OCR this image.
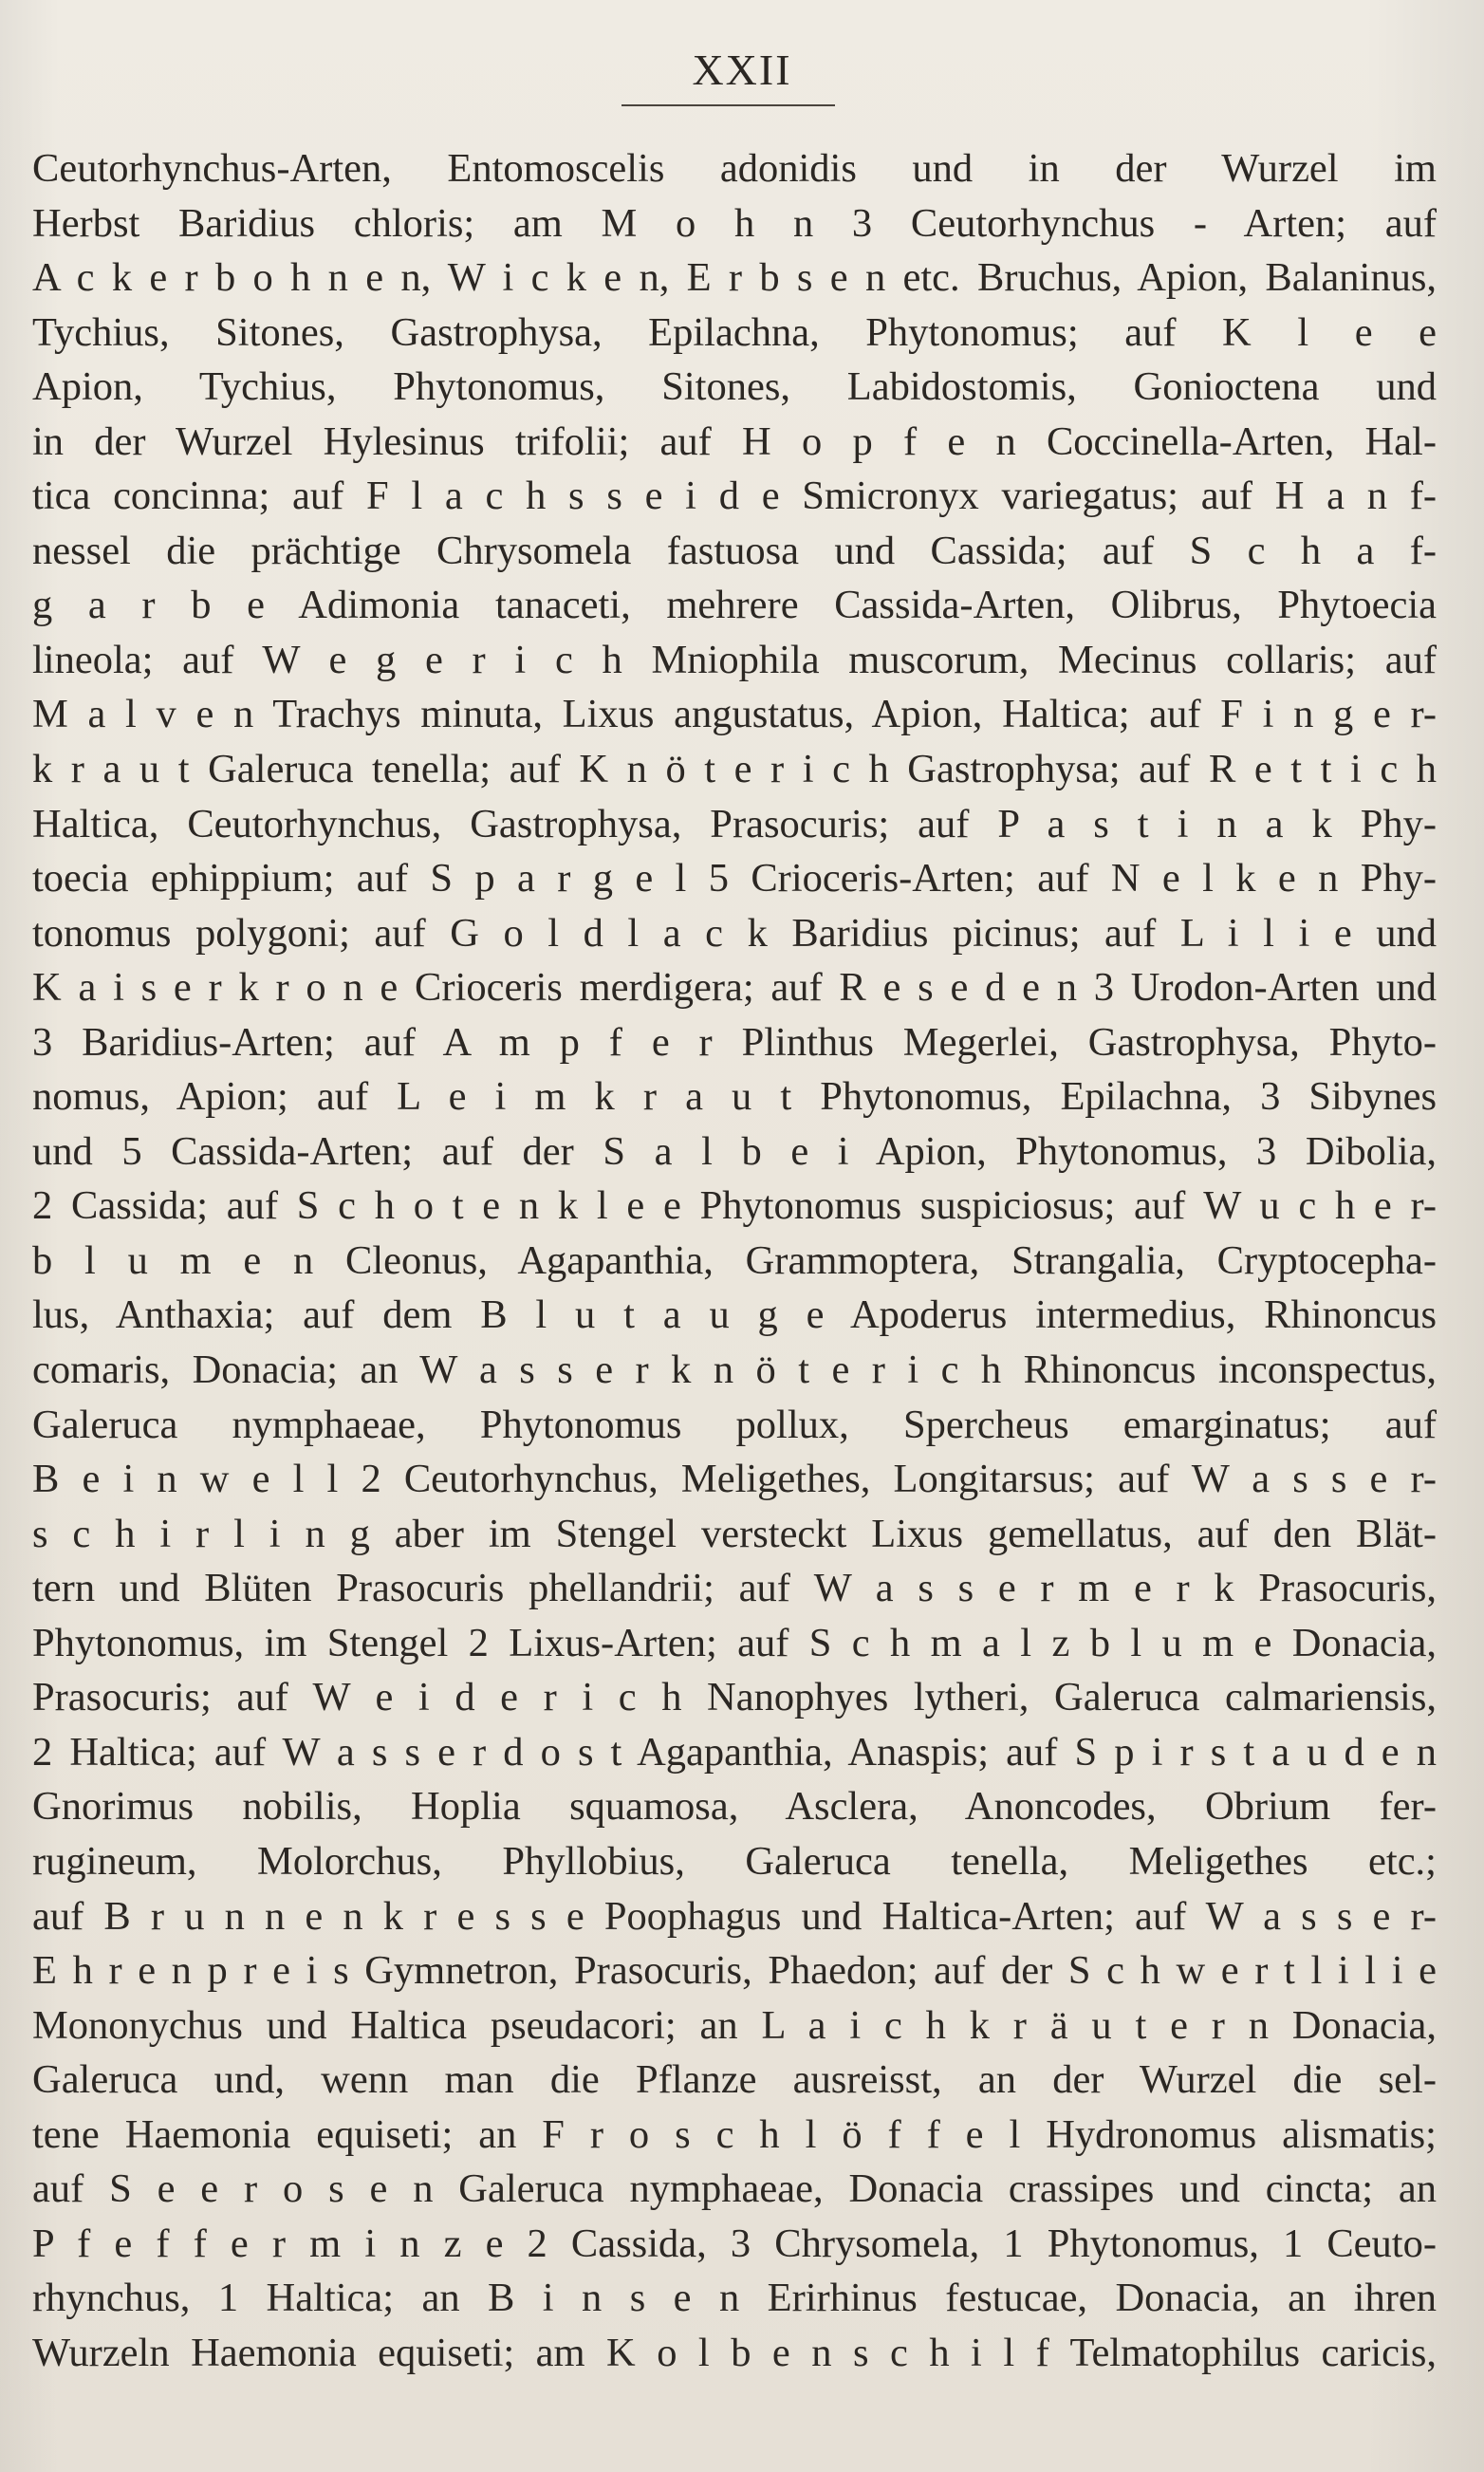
XXII
Ceutorhynchus-Arten, Entomoscelis adonidis und in der Wurzel im
Herbst Baridius chloris; am M o h n 3 Ceutorhynchus - Arten; auf
A c k e r b o h n e n, W i c k e n, E r b s e n etc. Bruchus, Apion, Balaninus,
Tychius, Sitones, Gastrophysa, Epilachna, Phytonomus; auf K l e e
Apion, Tychius, Phytonomus, Sitones, Labidostomis, Gonioctena und
in der Wurzel Hylesinus trifolii; auf H o p f e n Coccinella-Arten, Hal-
tica concinna; auf F l a c h s s e i d e Smicronyx variegatus; auf H a n f-
nessel die prächtige Chrysomela fastuosa und Cassida; auf S c h a f-
g a r b e Adimonia tanaceti, mehrere Cassida-Arten, Olibrus, Phytoecia
lineola; auf W e g e r i c h Mniophila muscorum, Mecinus collaris; auf
M a l v e n Trachys minuta, Lixus angustatus, Apion, Haltica; auf F i n g e r-
k r a u t Galeruca tenella; auf K n ö t e r i c h Gastrophysa; auf R e t t i c h
Haltica, Ceutorhynchus, Gastrophysa, Prasocuris; auf P a s t i n a k Phy-
toecia ephippium; auf S p a r g e l 5 Crioceris-Arten; auf N e l k e n Phy-
tonomus polygoni; auf G o l d l a c k Baridius picinus; auf L i l i e und
K a i s e r k r o n e Crioceris merdigera; auf R e s e d e n 3 Urodon-Arten und
3 Baridius-Arten; auf A m p f e r Plinthus Megerlei, Gastrophysa, Phyto-
nomus, Apion; auf L e i m k r a u t Phytonomus, Epilachna, 3 Sibynes
und 5 Cassida-Arten; auf der S a l b e i Apion, Phytonomus, 3 Dibolia,
2 Cassida; auf S c h o t e n k l e e Phytonomus suspiciosus; auf W u c h e r-
b l u m e n Cleonus, Agapanthia, Grammoptera, Strangalia, Cryptocepha-
lus, Anthaxia; auf dem B l u t a u g e Apoderus intermedius, Rhinoncus
comaris, Donacia; an W a s s e r k n ö t e r i c h Rhinoncus inconspectus,
Galeruca nymphaeae, Phytonomus pollux, Spercheus emarginatus; auf
B e i n w e l l 2 Ceutorhynchus, Meligethes, Longitarsus; auf W a s s e r-
s c h i r l i n g aber im Stengel versteckt Lixus gemellatus, auf den Blät-
tern und Blüten Prasocuris phellandrii; auf W a s s e r m e r k Prasocuris,
Phytonomus, im Stengel 2 Lixus-Arten; auf S c h m a l z b l u m e Donacia,
Prasocuris; auf W e i d e r i c h Nanophyes lytheri, Galeruca calmariensis,
2 Haltica; auf W a s s e r d o s t Agapanthia, Anaspis; auf S p i r s t a u d e n
Gnorimus nobilis, Hoplia squamosa, Asclera, Anoncodes, Obrium fer-
rugineum, Molorchus, Phyllobius, Galeruca tenella, Meligethes etc.;
auf B r u n n e n k r e s s e Poophagus und Haltica-Arten; auf W a s s e r-
E h r e n p r e i s Gymnetron, Prasocuris, Phaedon; auf der S c h w e r t l i l i e
Mononychus und Haltica pseudacori; an L a i c h k r ä u t e r n Donacia,
Galeruca und, wenn man die Pflanze ausreisst, an der Wurzel die sel-
tene Haemonia equiseti; an F r o s c h l ö f f e l Hydronomus alismatis;
auf S e e r o s e n Galeruca nymphaeae, Donacia crassipes und cincta; an
P f e f f e r m i n z e 2 Cassida, 3 Chrysomela, 1 Phytonomus, 1 Ceuto-
rhynchus, 1 Haltica; an B i n s e n Erirhinus festucae, Donacia, an ihren
Wurzeln Haemonia equiseti; am K o l b e n s c h i l f Telmatophilus caricis,
